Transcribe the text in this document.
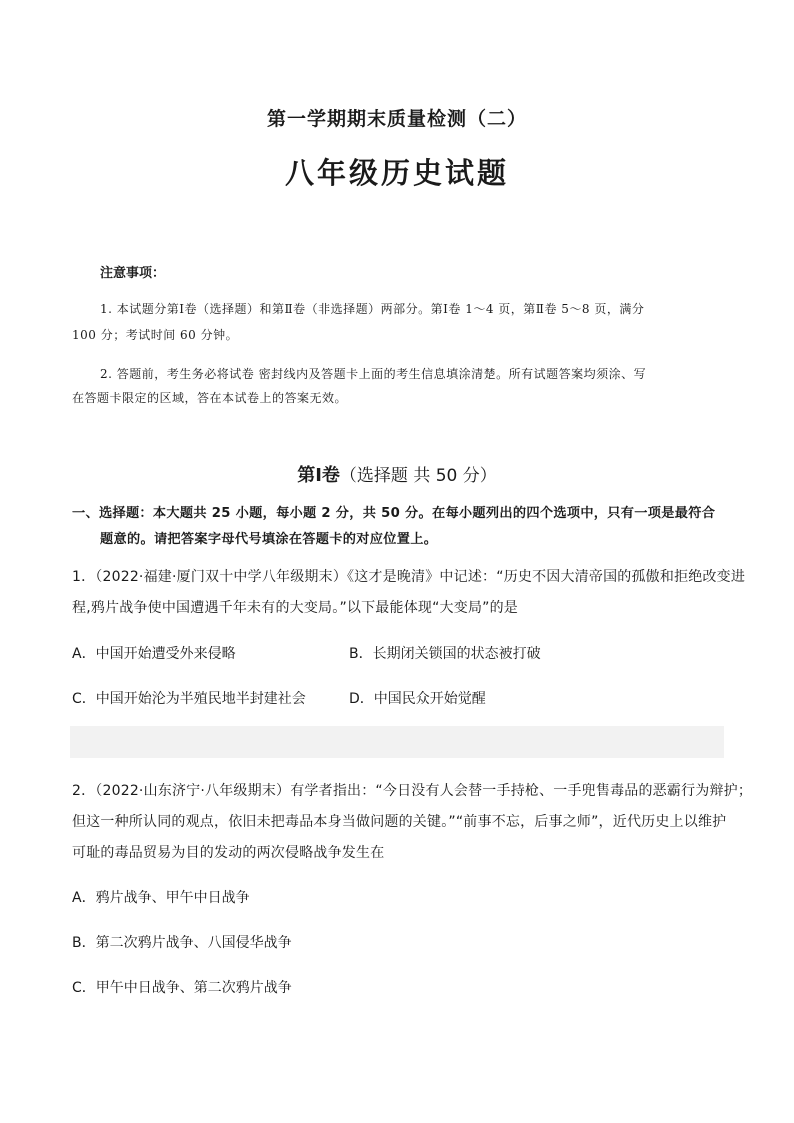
第一学期期末质量检测（二）
八年级历史试题
注意事项：
1. 本试题分第Ⅰ卷（选择题）和第Ⅱ卷（非选择题）两部分。第Ⅰ卷 1～4 页，第Ⅱ卷 5～8 页，满分
100 分；考试时间 60 分钟。
2. 答题前，考生务必将试卷 密封线内及答题卡上面的考生信息填涂清楚。所有试题答案均须涂、写
在答题卡限定的区域，答在本试卷上的答案无效。
第Ⅰ卷（选择题 共 50 分）
一、选择题：本大题共 25 小题，每小题 2 分，共 50 分。在每小题列出的四个选项中，只有一项是最符合
题意的。请把答案字母代号填涂在答题卡的对应位置上。
1．（2022·福建·厦门双十中学八年级期末）《这才是晚清》中记述：“历史不因大清帝国的孤傲和拒绝改变进
程,鸦片战争使中国遭遇千年未有的大变局。”以下最能体现“大变局”的是
A．中国开始遭受外来侵略	B．长期闭关锁国的状态被打破
C．中国开始沦为半殖民地半封建社会	D．中国民众开始觉醒
2．（2022·山东济宁·八年级期末）有学者指出：“今日没有人会替一手持枪、一手兜售毒品的恶霸行为辩护；
但这一种所认同的观点，依旧未把毒品本身当做问题的关键。”“前事不忘，后事之师”，近代历史上以维护
可耻的毒品贸易为目的发动的两次侵略战争发生在
A．鸦片战争、甲午中日战争
B．第二次鸦片战争、八国侵华战争
C．甲午中日战争、第二次鸦片战争
